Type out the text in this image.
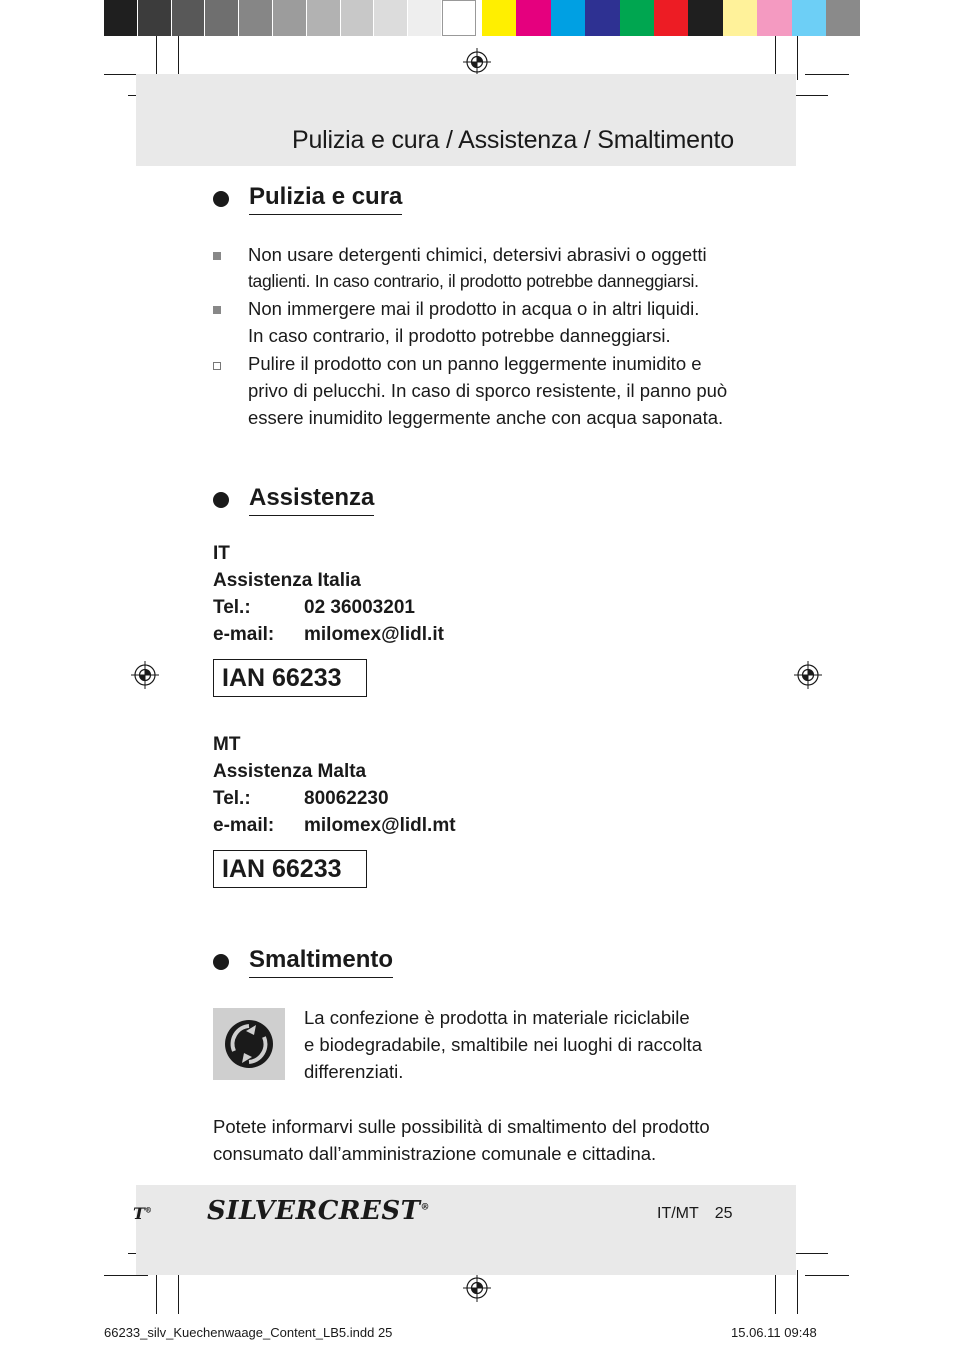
Pulizia e cura / Assistenza / Smaltimento
Pulizia e cura
Non usare detergenti chimici, detersivi abrasivi o oggetti
taglienti. In caso contrario, il prodotto potrebbe danneggiarsi.
Non immergere mai il prodotto in acqua o in altri liquidi.
In caso contrario, il prodotto potrebbe danneggiarsi.
Pulire il prodotto con un panno leggermente inumidito e
privo di pelucchi. In caso di sporco resistente, il panno può
essere inumidito leggermente anche con acqua saponata.
Assistenza
IT
Assistenza Italia
Tel.:	02 36003201
e-mail:	milomex@lidl.it
IAN 66233
MT
Assistenza Malta
Tel.:	80062230
e-mail:	milomex@lidl.mt
IAN 66233
Smaltimento
La confezione è prodotta in materiale riciclabile
e biodegradabile, smaltibile nei luoghi di raccolta
differenziati.
Potete informarvi sulle possibilità di smaltimento del prodotto
consumato dall’amministrazione comunale e cittadina.
T® SILVERCREST®	IT/MT 25
66233_silv_Kuechenwaage_Content_LB5.indd 25	15.06.11 09:48
